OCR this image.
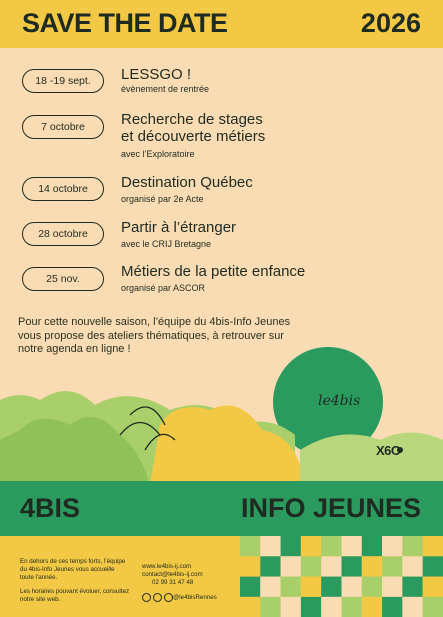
SAVE THE DATE	2026
18 -19 sept.	LESSGO !
évènement de rentrée
7 octobre	Recherche de stages
et découverte métiers
avec l’Exploratoire
14 octobre	Destination Québec
organisé par 2e Acte
28 octobre	Partir à l’étranger
avec le CRIJ Bretagne
25 nov.	Métiers de la petite enfance
organisé par ASCOR
Pour cette nouvelle saison, l’équipe du 4bis-Info Jeunes vous propose des ateliers thématiques, à retrouver sur notre agenda en ligne !
le4bis
X6O
4BIS	INFO JEUNES
En dehors de ces temps forts, l’équipe du 4bis-Info Jeunes vous accueille toute l’année.
Les horaires pouvant évoluer, consultez notre site web.
www.le4bis-ij.com
contact@le4bis-ij.com
02 99 31 47 48
@le4bisRennes
